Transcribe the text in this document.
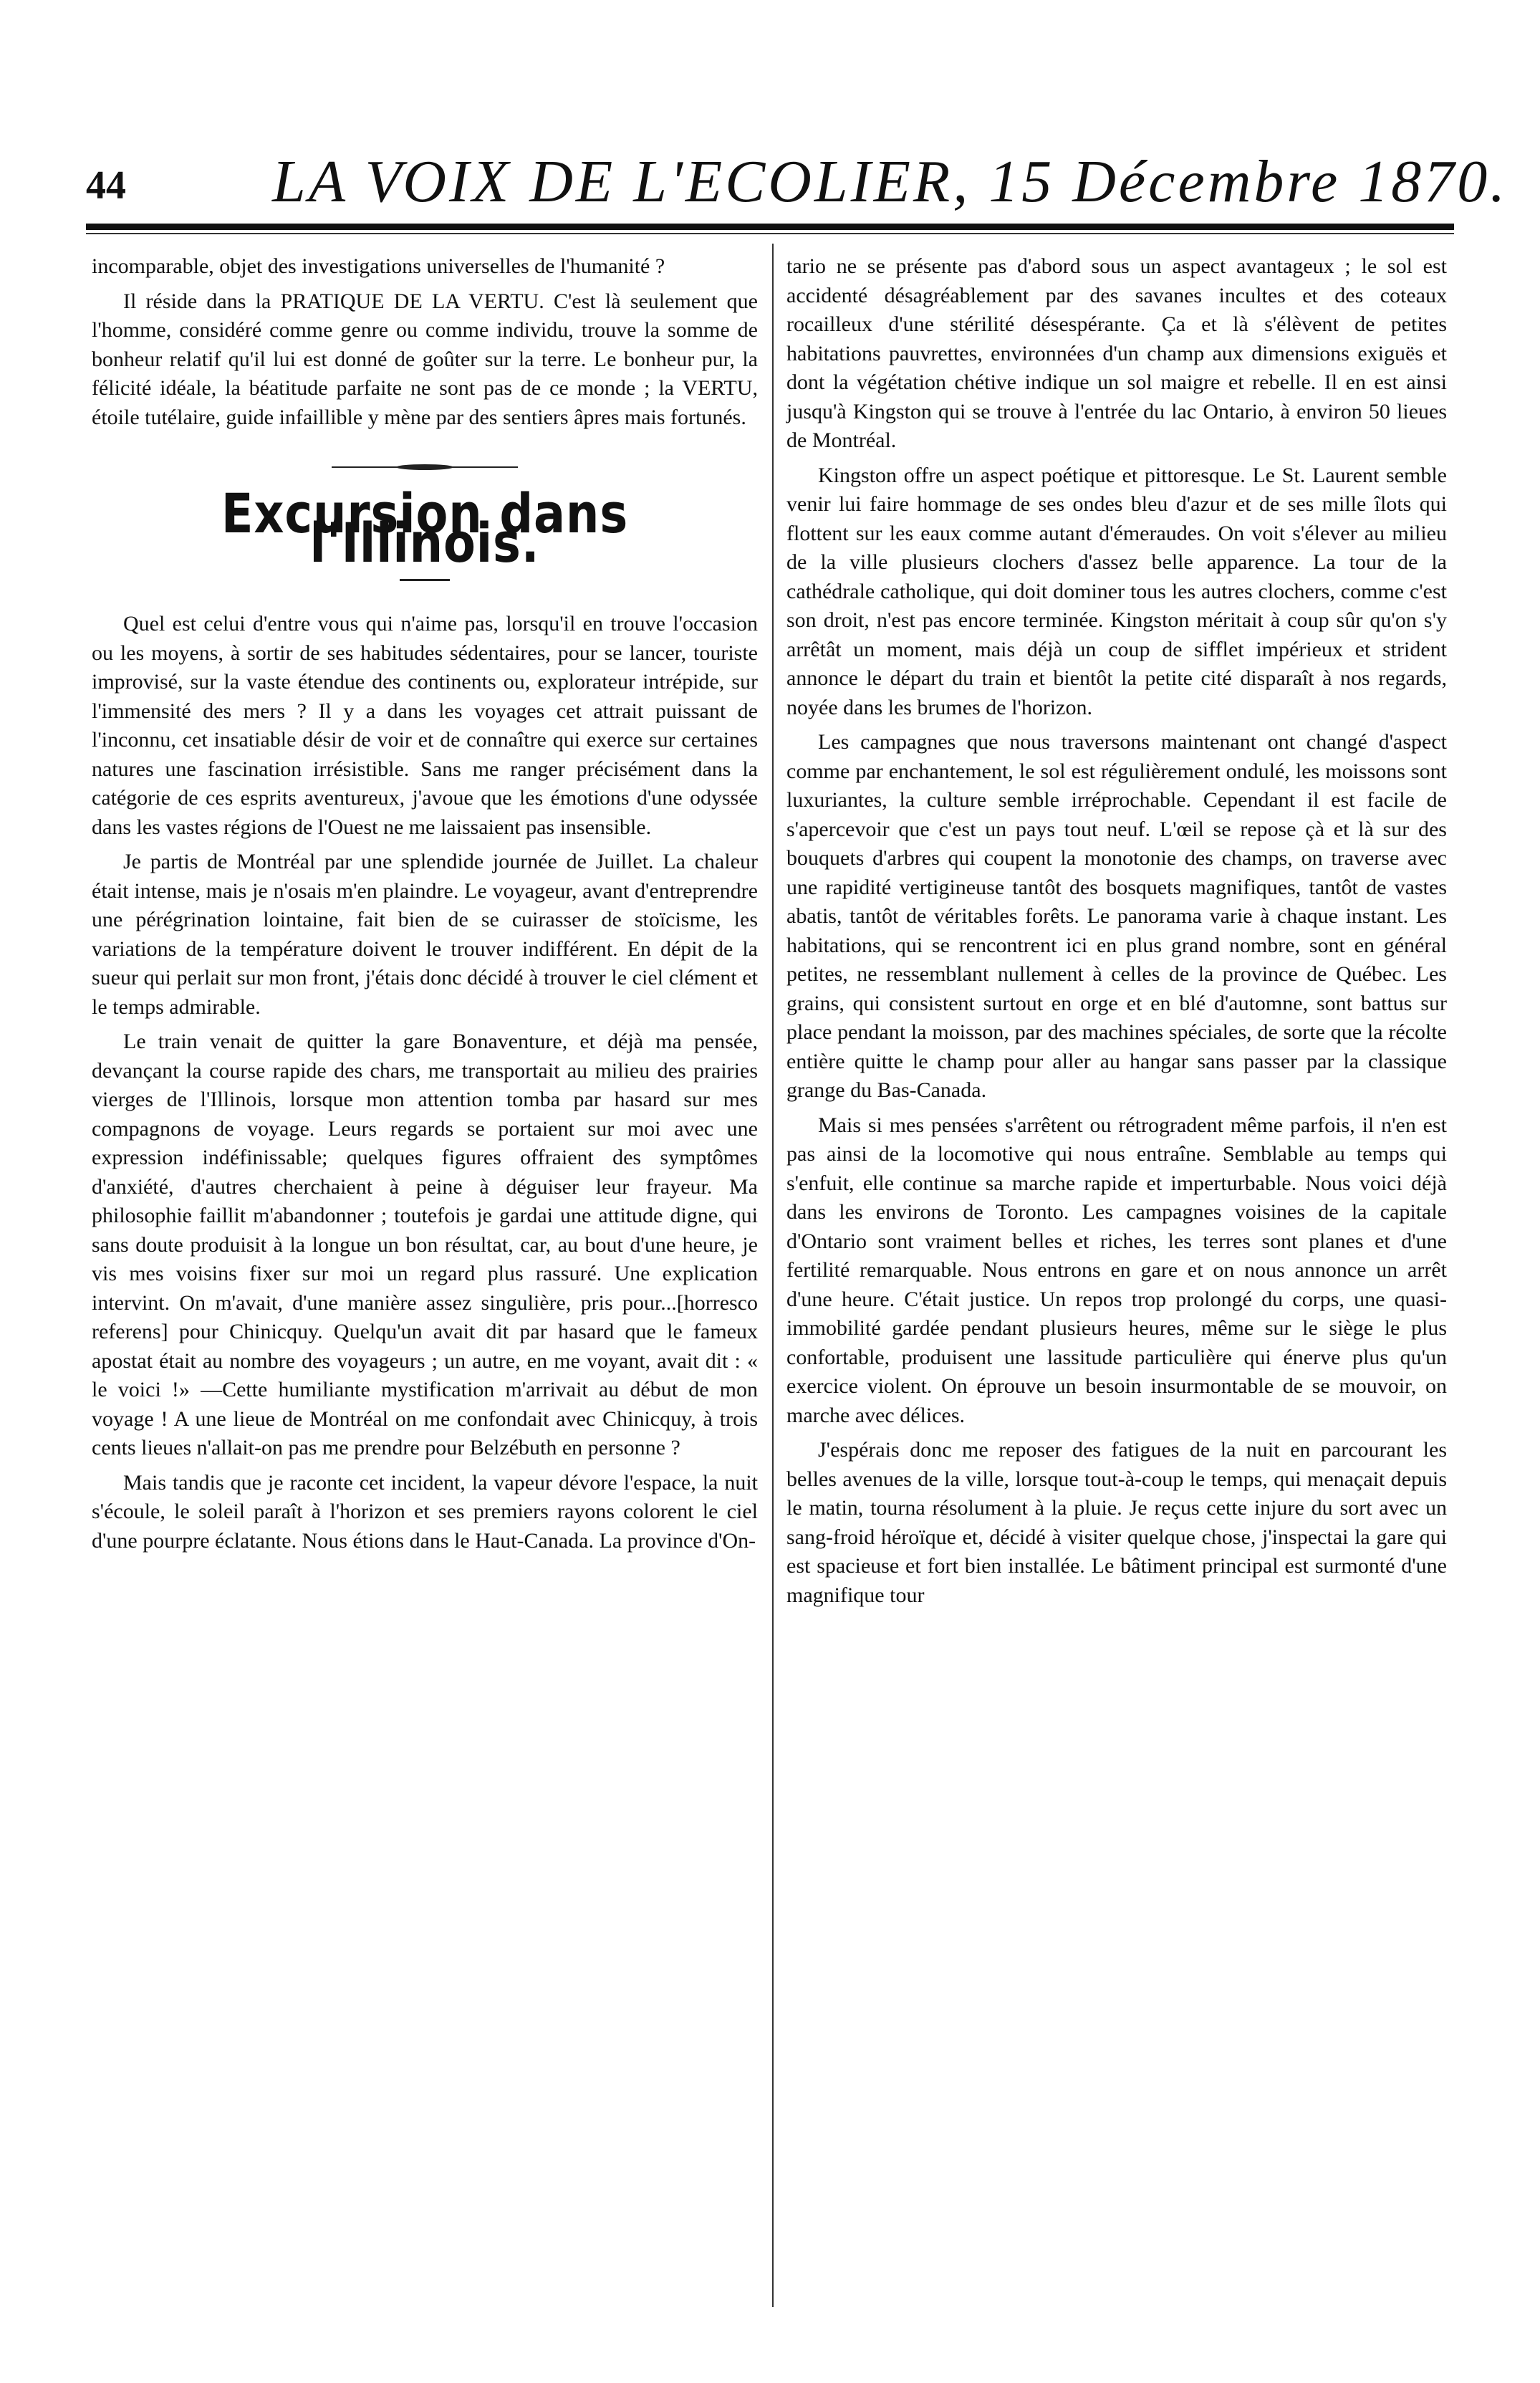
44 LA VOIX DE L'ECOLIER, 15 Décembre 1870.

incomparable, objet des investigations universelles de l'humanité ?

Il réside dans la PRATIQUE DE LA VERTU. C'est là seulement que l'homme, considéré comme genre ou comme individu, trouve la somme de bonheur relatif qu'il lui est donné de goûter sur la terre. Le bonheur pur, la félicité idéale, la béatitude parfaite ne sont pas de ce monde ; la VERTU, étoile tutélaire, guide infaillible y mène par des sentiers âpres mais fortunés.

Excursion dans l'Illinois.

Quel est celui d'entre vous qui n'aime pas, lorsqu'il en trouve l'occasion ou les moyens, à sortir de ses habitudes sédentaires, pour se lancer, touriste improvisé, sur la vaste étendue des continents ou, explorateur intrépide, sur l'immensité des mers ? Il y a dans les voyages cet attrait puissant de l'inconnu, cet insatiable désir de voir et de connaître qui exerce sur certaines natures une fascination irrésistible. Sans me ranger précisément dans la catégorie de ces esprits aventureux, j'avoue que les émotions d'une odyssée dans les vastes régions de l'Ouest ne me laissaient pas insensible.

Je partis de Montréal par une splendide journée de Juillet. La chaleur était intense, mais je n'osais m'en plaindre. Le voyageur, avant d'entreprendre une pérégrination lointaine, fait bien de se cuirasser de stoïcisme, les variations de la température doivent le trouver indifférent. En dépit de la sueur qui perlait sur mon front, j'étais donc décidé à trouver le ciel clément et le temps admirable.

Le train venait de quitter la gare Bonaventure, et déjà ma pensée, devançant la course rapide des chars, me transportait au milieu des prairies vierges de l'Illinois, lorsque mon attention tomba par hasard sur mes compagnons de voyage. Leurs regards se portaient sur moi avec une expression indéfinissable; quelques figures offraient des symptômes d'anxiété, d'autres cherchaient à peine à déguiser leur frayeur. Ma philosophie faillit m'abandonner ; toutefois je gardai une attitude digne, qui sans doute produisit à la longue un bon résultat, car, au bout d'une heure, je vis mes voisins fixer sur moi un regard plus rassuré. Une explication intervint. On m'avait, d'une manière assez singulière, pris pour...[horresco referens] pour Chinicquy. Quelqu'un avait dit par hasard que le fameux apostat était au nombre des voyageurs ; un autre, en me voyant, avait dit : « le voici !» —Cette humiliante mystification m'arrivait au début de mon voyage ! A une lieue de Montréal on me confondait avec Chinicquy, à trois cents lieues n'allait-on pas me prendre pour Belzébuth en personne ?

Mais tandis que je raconte cet incident, la vapeur dévore l'espace, la nuit s'écoule, le soleil paraît à l'horizon et ses premiers rayons colorent le ciel d'une pourpre éclatante. Nous étions dans le Haut-Canada. La province d'On-

tario ne se présente pas d'abord sous un aspect avantageux ; le sol est accidenté désagréablement par des savanes incultes et des coteaux rocailleux d'une stérilité désespérante. Ça et là s'élèvent de petites habitations pauvrettes, environnées d'un champ aux dimensions exiguës et dont la végétation chétive indique un sol maigre et rebelle. Il en est ainsi jusqu'à Kingston qui se trouve à l'entrée du lac Ontario, à environ 50 lieues de Montréal.

Kingston offre un aspect poétique et pittoresque. Le St. Laurent semble venir lui faire hommage de ses ondes bleu d'azur et de ses mille îlots qui flottent sur les eaux comme autant d'émeraudes. On voit s'élever au milieu de la ville plusieurs clochers d'assez belle apparence. La tour de la cathédrale catholique, qui doit dominer tous les autres clochers, comme c'est son droit, n'est pas encore terminée. Kingston méritait à coup sûr qu'on s'y arrêtât un moment, mais déjà un coup de sifflet impérieux et strident annonce le départ du train et bientôt la petite cité disparaît à nos regards, noyée dans les brumes de l'horizon.

Les campagnes que nous traversons maintenant ont changé d'aspect comme par enchantement, le sol est régulièrement ondulé, les moissons sont luxuriantes, la culture semble irréprochable. Cependant il est facile de s'apercevoir que c'est un pays tout neuf. L'œil se repose çà et là sur des bouquets d'arbres qui coupent la monotonie des champs, on traverse avec une rapidité vertigineuse tantôt des bosquets magnifiques, tantôt de vastes abatis, tantôt de véritables forêts. Le panorama varie à chaque instant. Les habitations, qui se rencontrent ici en plus grand nombre, sont en général petites, ne ressemblant nullement à celles de la province de Québec. Les grains, qui consistent surtout en orge et en blé d'automne, sont battus sur place pendant la moisson, par des machines spéciales, de sorte que la récolte entière quitte le champ pour aller au hangar sans passer par la classique grange du Bas-Canada.

Mais si mes pensées s'arrêtent ou rétrogradent même parfois, il n'en est pas ainsi de la locomotive qui nous entraîne. Semblable au temps qui s'enfuit, elle continue sa marche rapide et imperturbable. Nous voici déjà dans les environs de Toronto. Les campagnes voisines de la capitale d'Ontario sont vraiment belles et riches, les terres sont planes et d'une fertilité remarquable. Nous entrons en gare et on nous annonce un arrêt d'une heure. C'était justice. Un repos trop prolongé du corps, une quasi-immobilité gardée pendant plusieurs heures, même sur le siège le plus confortable, produisent une lassitude particulière qui énerve plus qu'un exercice violent. On éprouve un besoin insurmontable de se mouvoir, on marche avec délices.

J'espérais donc me reposer des fatigues de la nuit en parcourant les belles avenues de la ville, lorsque tout-à-coup le temps, qui menaçait depuis le matin, tourna résolument à la pluie. Je reçus cette injure du sort avec un sang-froid héroïque et, décidé à visiter quelque chose, j'inspectai la gare qui est spacieuse et fort bien installée. Le bâtiment principal est surmonté d'une magnifique tour
